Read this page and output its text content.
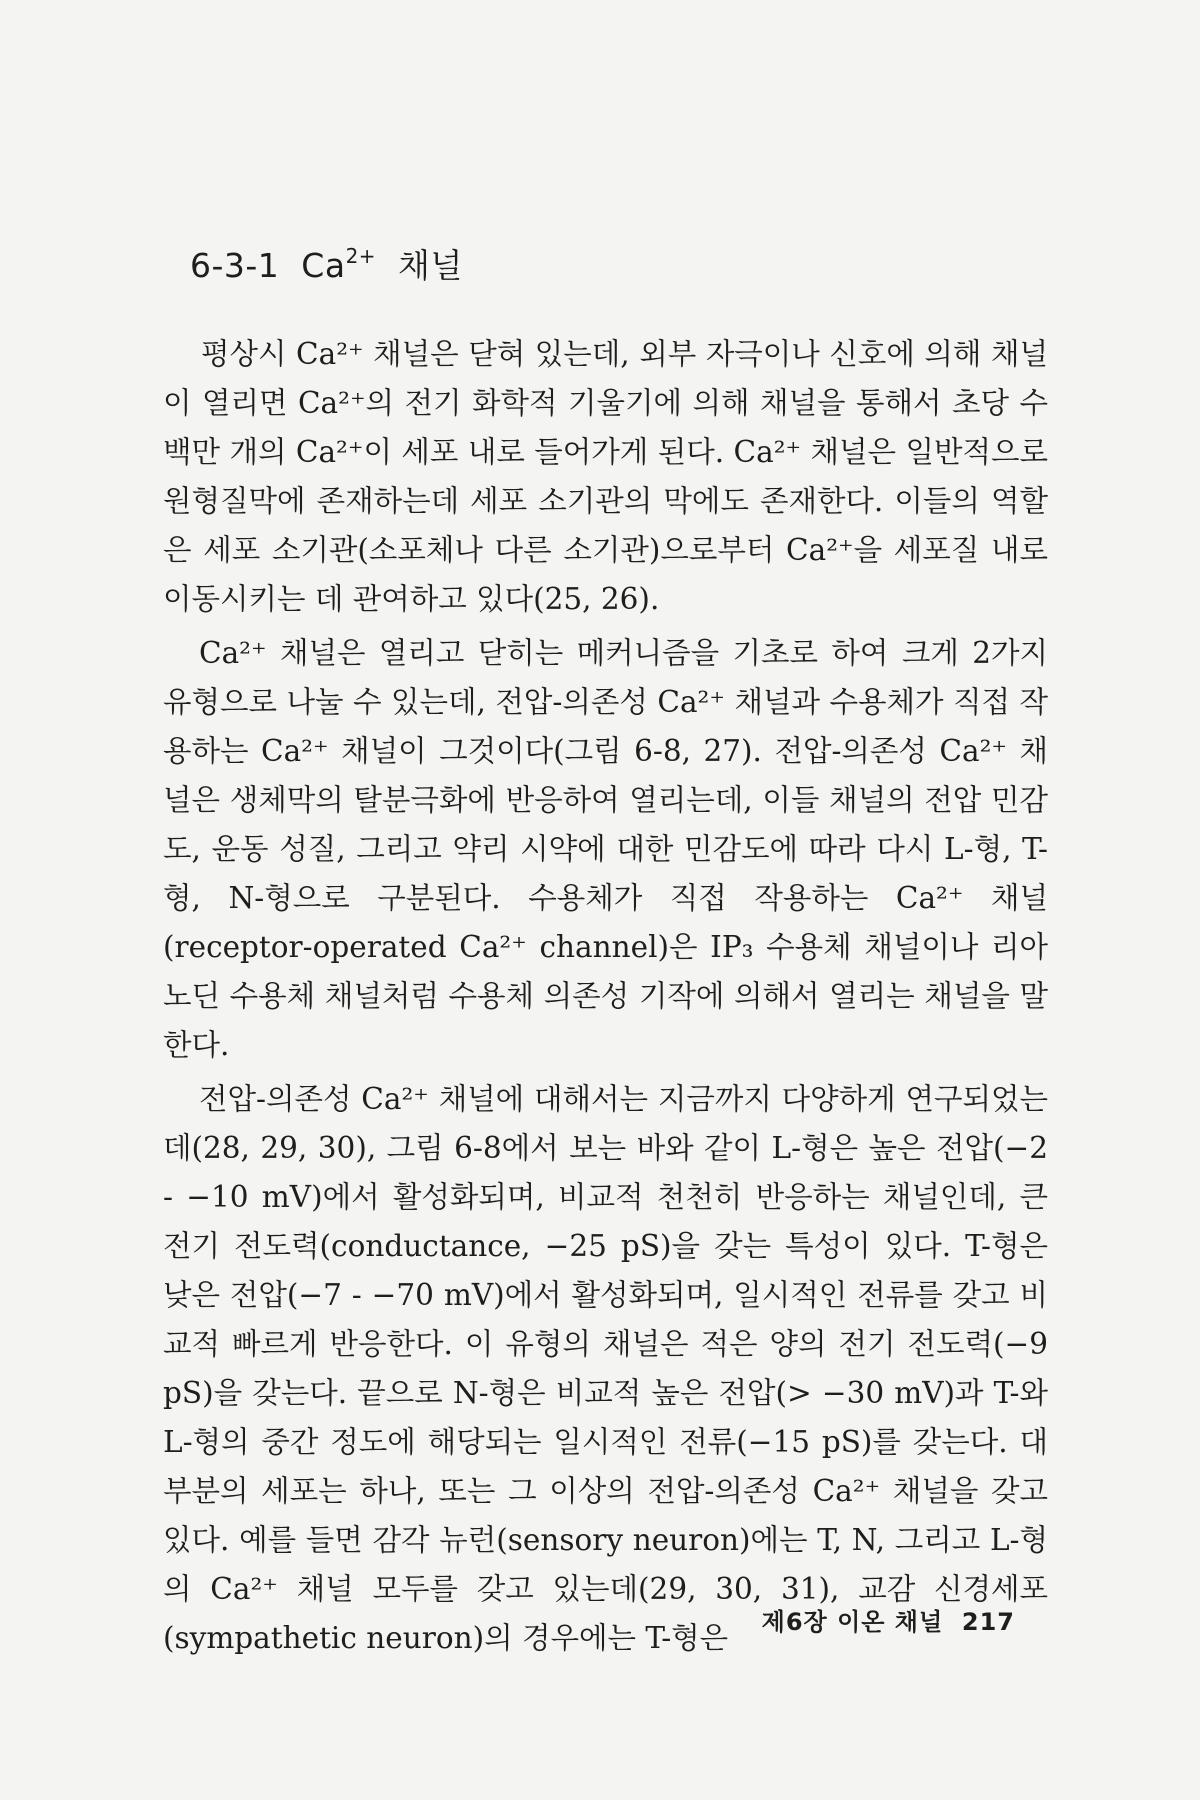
6-3-1 $Ca^{2+}$ 채널

평상시 Ca²⁺ 채널은 닫혀 있는데, 외부 자극이나 신호에 의해 채널이 열리면 Ca²⁺의 전기 화학적 기울기에 의해 채널을 통해서 초당 수 백만 개의 Ca²⁺이 세포 내로 들어가게 된다. Ca²⁺ 채널은 일반적으로 원형질막에 존재하는데 세포 소기관의 막에도 존재한다. 이들의 역할은 세포 소기관(소포체나 다른 소기관)으로부터 Ca²⁺을 세포질 내로 이동시키는 데 관여하고 있다(25, 26).

Ca²⁺ 채널은 열리고 닫히는 메커니즘을 기초로 하여 크게 2가지 유형으로 나눌 수 있는데, 전압-의존성 Ca²⁺ 채널과 수용체가 직접 작용하는 Ca²⁺ 채널이 그것이다(그림 6-8, 27). 전압-의존성 Ca²⁺ 채널은 생체막의 탈분극화에 반응하여 열리는데, 이들 채널의 전압 민감도, 운동 성질, 그리고 약리 시약에 대한 민감도에 따라 다시 L-형, T-형, N-형으로 구분된다. 수용체가 직접 작용하는 Ca²⁺ 채널(receptor-operated Ca²⁺ channel)은 IP₃ 수용체 채널이나 리아노딘 수용체 채널처럼 수용체 의존성 기작에 의해서 열리는 채널을 말한다.

전압-의존성 Ca²⁺ 채널에 대해서는 지금까지 다양하게 연구되었는데(28, 29, 30), 그림 6-8에서 보는 바와 같이 L-형은 높은 전압(−2 - −10 mV)에서 활성화되며, 비교적 천천히 반응하는 채널인데, 큰 전기 전도력(conductance, −25 pS)을 갖는 특성이 있다. T-형은 낮은 전압(−7 - −70 mV)에서 활성화되며, 일시적인 전류를 갖고 비교적 빠르게 반응한다. 이 유형의 채널은 적은 양의 전기 전도력(−9 pS)을 갖는다. 끝으로 N-형은 비교적 높은 전압(> −30 mV)과 T-와 L-형의 중간 정도에 해당되는 일시적인 전류(−15 pS)를 갖는다. 대부분의 세포는 하나, 또는 그 이상의 전압-의존성 Ca²⁺ 채널을 갖고 있다. 예를 들면 감각 뉴런(sensory neuron)에는 T, N, 그리고 L-형의 Ca²⁺ 채널 모두를 갖고 있는데(29, 30, 31), 교감 신경세포(sympathetic neuron)의 경우에는 T-형은	제6장 이온 채널 217
